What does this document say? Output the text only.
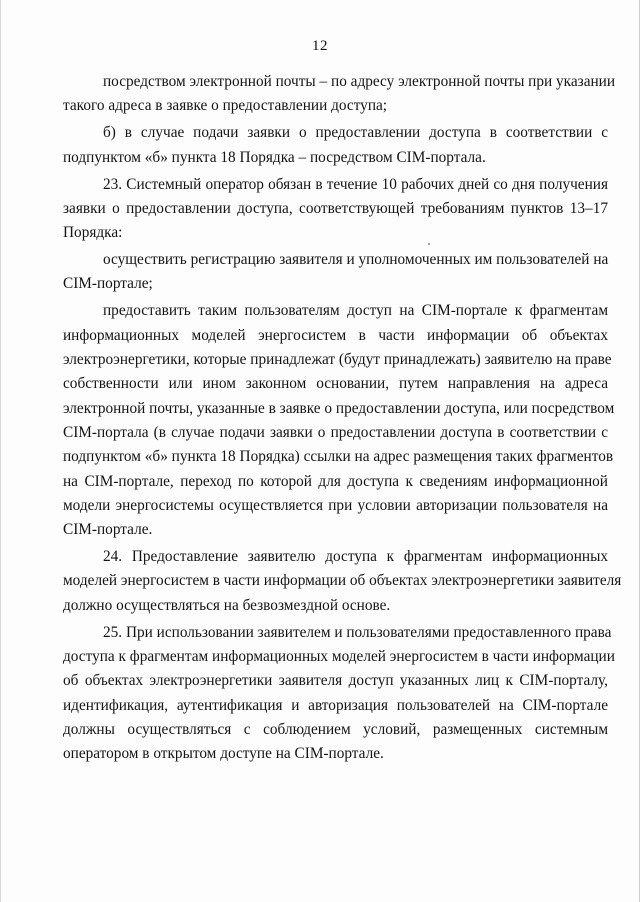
12
посредством электронной почты – по адресу электронной почты при указании
такого адреса в заявке о предоставлении доступа;
б) в случае подачи заявки о предоставлении доступа в соответствии с
подпунктом «б» пункта 18 Порядка – посредством CIM-портала.
23. Системный оператор обязан в течение 10 рабочих дней со дня получения
заявки о предоставлении доступа, соответствующей требованиям пунктов 13–17
Порядка:
осуществить регистрацию заявителя и уполномоченных им пользователей на
CIM-портале;
предоставить таким пользователям доступ на CIM-портале к фрагментам
информационных моделей энергосистем в части информации об объектах
электроэнергетики, которые принадлежат (будут принадлежать) заявителю на праве
собственности или ином законном основании, путем направления на адреса
электронной почты, указанные в заявке о предоставлении доступа, или посредством
CIM-портала (в случае подачи заявки о предоставлении доступа в соответствии с
подпунктом «б» пункта 18 Порядка) ссылки на адрес размещения таких фрагментов
на CIM-портале, переход по которой для доступа к сведениям информационной
модели энергосистемы осуществляется при условии авторизации пользователя на
CIM-портале.
24. Предоставление заявителю доступа к фрагментам информационных
моделей энергосистем в части информации об объектах электроэнергетики заявителя
должно осуществляться на безвозмездной основе.
25. При использовании заявителем и пользователями предоставленного права
доступа к фрагментам информационных моделей энергосистем в части информации
об объектах электроэнергетики заявителя доступ указанных лиц к CIM-порталу,
идентификация, аутентификация и авторизация пользователей на CIM-портале
должны осуществляться с соблюдением условий, размещенных системным
оператором в открытом доступе на CIM-портале.
